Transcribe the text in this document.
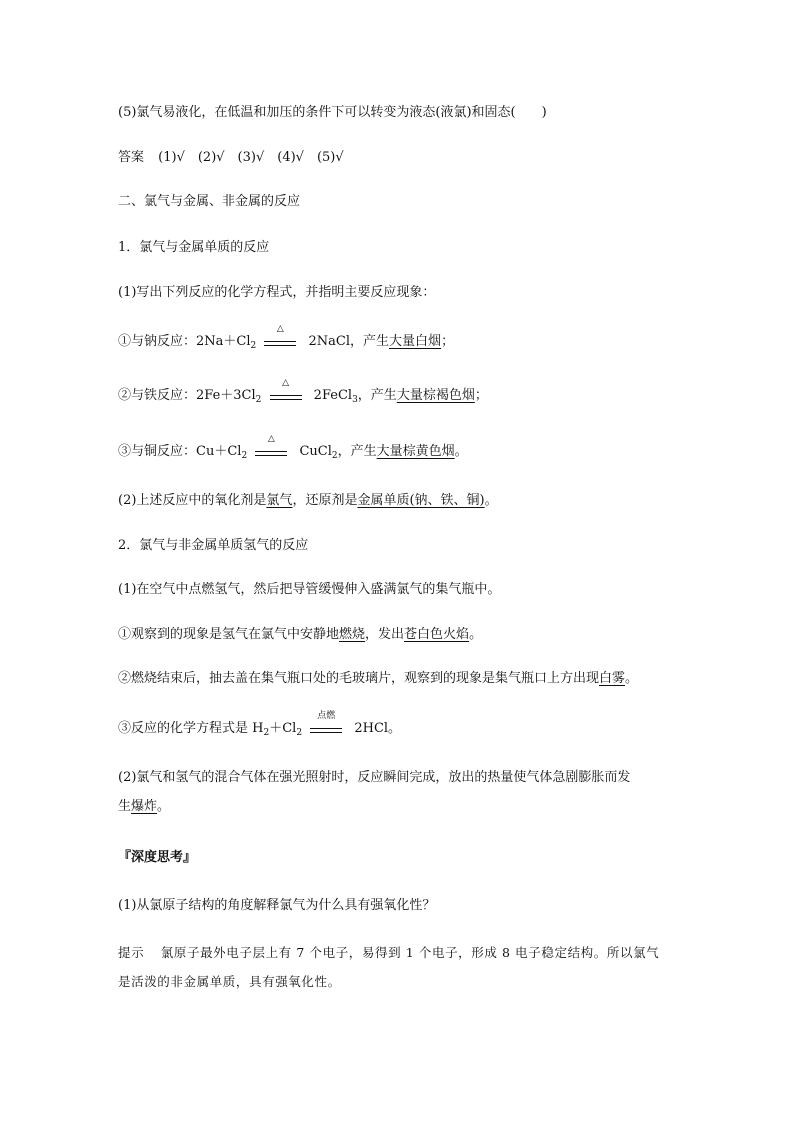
(5)氯气易液化，在低温和加压的条件下可以转变为液态(液氯)和固态(　　)
答案 (1)√　(2)√　(3)√　(4)√　(5)√
二、氯气与金属、非金属的反应
1．氯气与金属单质的反应
(1)写出下列反应的化学方程式，并指明主要反应现象：
①与钠反应：$2Na+Cl_2$
△
2NaCl，产生大量白烟；
②与铁反应：$2Fe+3Cl_2$
△
2FeCl$_3$，产生大量棕褐色烟；
③与铜反应：$Cu+Cl_2$
△
CuCl$_2$，产生大量棕黄色烟。
(2)上述反应中的氧化剂是氯气，还原剂是金属单质(钠、铁、铜)。
2．氯气与非金属单质氢气的反应
(1)在空气中点燃氢气，然后把导管缓慢伸入盛满氯气的集气瓶中。
①观察到的现象是氢气在氯气中安静地燃烧，发出苍白色火焰。
②燃烧结束后，抽去盖在集气瓶口处的毛玻璃片，观察到的现象是集气瓶口上方出现白雾。
③反应的化学方程式是 $H_2+Cl_2$
点燃
2HCl。
(2)氯气和氢气的混合气体在强光照射时，反应瞬间完成，放出的热量使气体急剧膨胀而发
生爆炸。
『深度思考』
(1)从氯原子结构的角度解释氯气为什么具有强氧化性？
提示 氯原子最外电子层上有 7 个电子，易得到 1 个电子，形成 8 电子稳定结构。所以氯气
是活泼的非金属单质，具有强氧化性。
